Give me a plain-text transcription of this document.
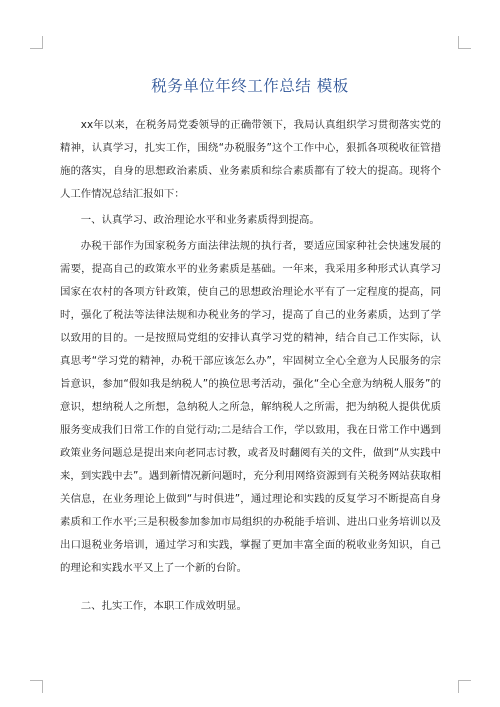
税务单位年终工作总结 模板

xx年以来，在税务局党委领导的正确带领下，我局认真组织学习贯彻落实党的精神，认真学习，扎实工作，围绕“办税服务”这个工作中心，狠抓各项税收征管措施的落实，自身的思想政治素质、业务素质和综合素质都有了较大的提高。现将个人工作情况总结汇报如下：

一、认真学习、政治理论水平和业务素质得到提高。

办税干部作为国家税务方面法律法规的执行者，要适应国家种社会快速发展的需要，提高自己的政策水平的业务素质是基础。一年来，我采用多种形式认真学习国家在农村的各项方针政策，使自己的思想政治理论水平有了一定程度的提高，同时，强化了税法等法律法规和办税业务的学习，提高了自己的业务素质，达到了学以致用的目的。一是按照局党组的安排认真学习党的精神，结合自己工作实际，认真思考“学习党的精神，办税干部应该怎么办”，牢固树立全心全意为人民服务的宗旨意识，参加“假如我是纳税人”的换位思考活动，强化“全心全意为纳税人服务”的意识，想纳税人之所想，急纳税人之所急，解纳税人之所需，把为纳税人提供优质服务变成我们日常工作的自觉行动;二是结合工作，学以致用，我在日常工作中遇到政策业务问题总是提出来向老同志讨教，或者及时翻阅有关的文件，做到“从实践中来，到实践中去”。遇到新情况新问题时，充分利用网络资源到有关税务网站获取相关信息，在业务理论上做到“与时俱进”，通过理论和实践的反复学习不断提高自身素质和工作水平;三是积极参加参加市局组织的办税能手培训、进出口业务培训以及出口退税业务培训，通过学习和实践，掌握了更加丰富全面的税收业务知识，自己的理论和实践水平又上了一个新的台阶。

二、扎实工作，本职工作成效明显。
